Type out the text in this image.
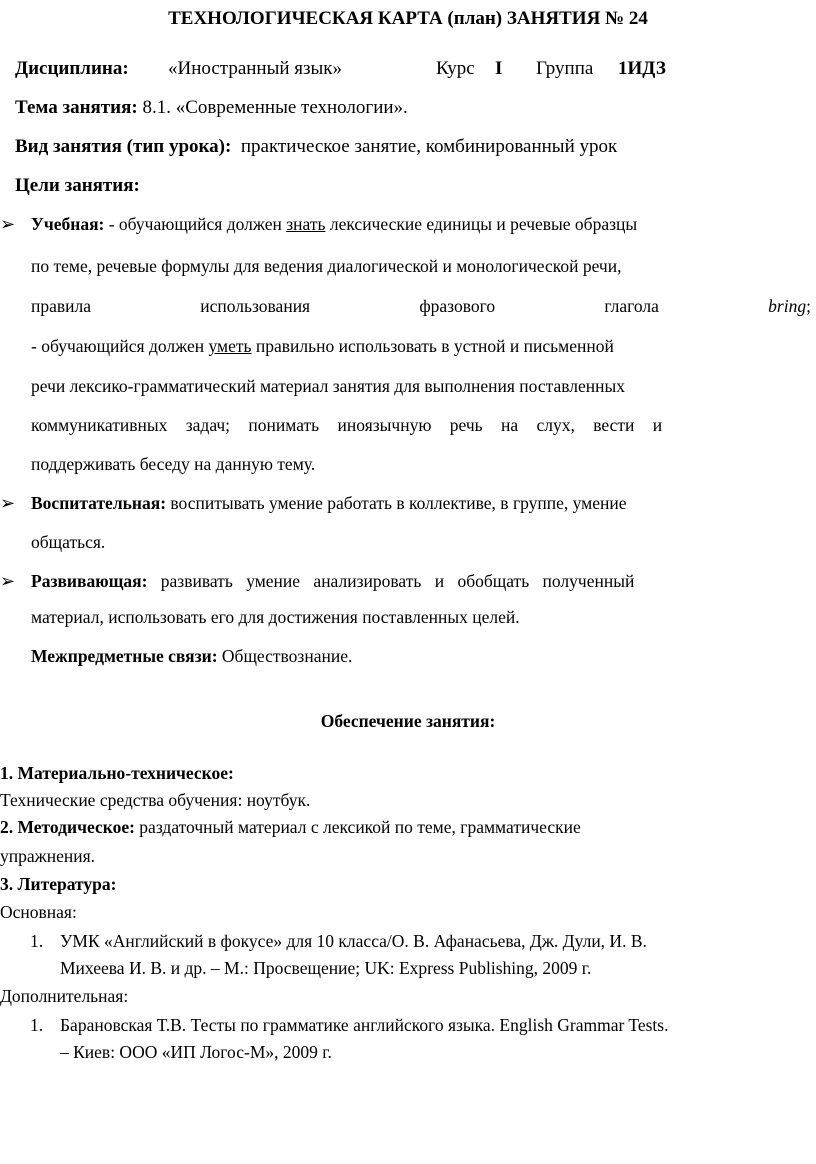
ТЕХНОЛОГИЧЕСКАЯ КАРТА (план) ЗАНЯТИЯ № 24
Дисциплина: «Иностранный язык»	Курс I Группа 1ИДЗ
Тема занятия: 8.1. «Современные технологии».
Вид занятия (тип урока): практическое занятие, комбинированный урок
Цели занятия:
➢ Учебная: - обучающийся должен знать лексические единицы и речевые образцы
по теме, речевые формулы для ведения диалогической и монологической речи,
правила	использования	фразового	глагола	bring;
- обучающийся должен уметь правильно использовать в устной и письменной
речи лексико-грамматический материал занятия для выполнения поставленных
коммуникативных задач; понимать иноязычную речь на слух, вести и
поддерживать беседу на данную тему.
➢ Воспитательная: воспитывать умение работать в коллективе, в группе, умение
общаться.
➢ Развивающая: развивать умение анализировать и обобщать полученный
материал, использовать его для достижения поставленных целей.
Межпредметные связи: Обществознание.
Обеспечение занятия:
1. Материально-техническое:
Технические средства обучения: ноутбук.
2. Методическое: раздаточный материал с лексикой по теме, грамматические
упражнения.
3. Литература:
Основная:
1. УМК «Английский в фокусе» для 10 класса/О. В. Афанасьева, Дж. Дули, И. В.
Михеева И. В. и др. – М.: Просвещение; UK: Express Publishing, 2009 г.
Дополнительная:
1. Барановская Т.В. Тесты по грамматике английского языка. English Grammar Tests.
– Киев: ООО «ИП Логос-М», 2009 г.
